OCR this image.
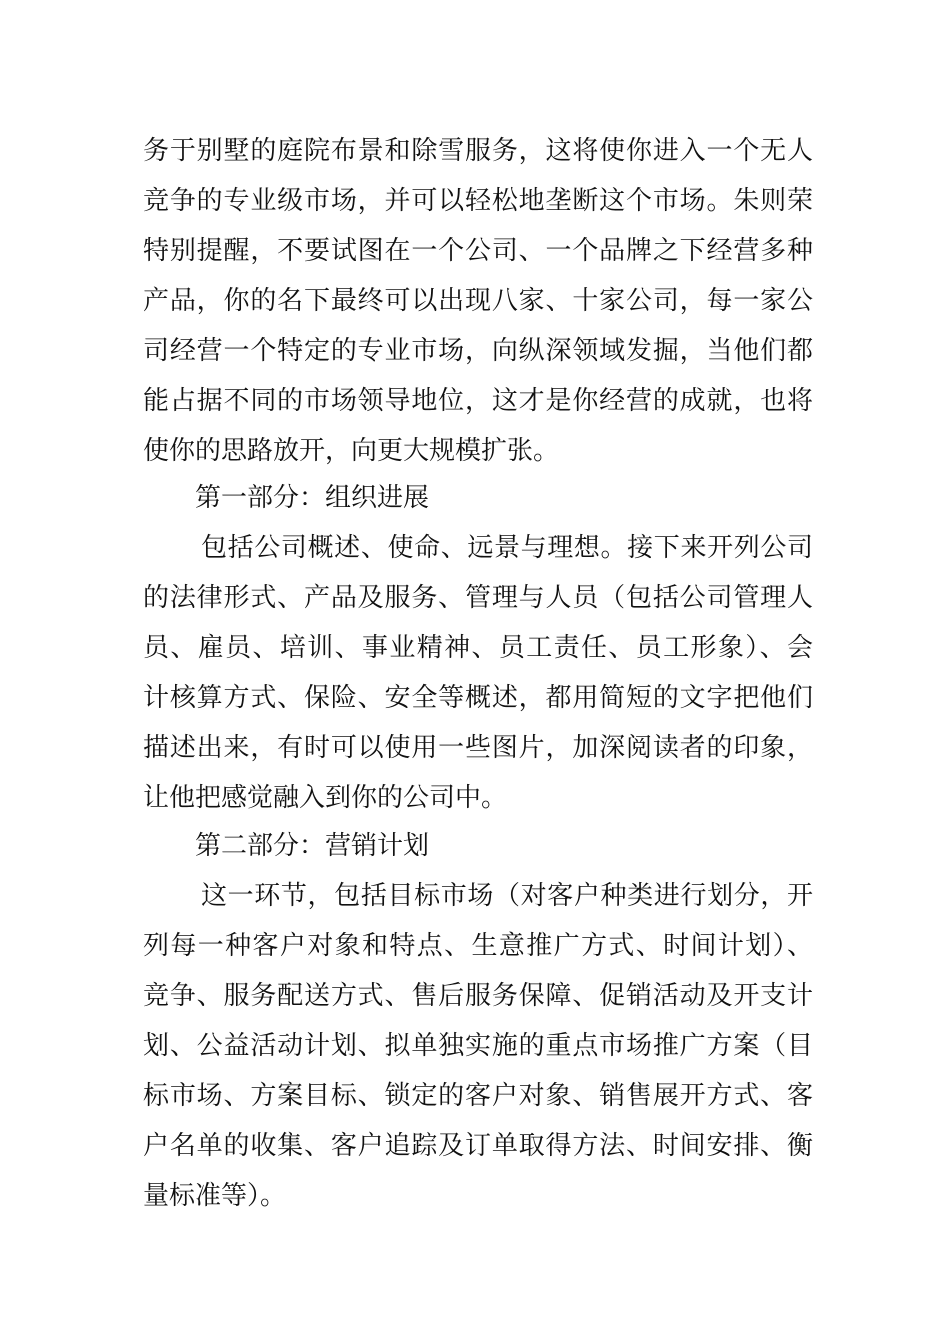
务于别墅的庭院布景和除雪服务，这将使你进入一个无人
竞争的专业级市场，并可以轻松地垄断这个市场。朱则荣
特别提醒，不要试图在一个公司、一个品牌之下经营多种
产品，你的名下最终可以出现八家、十家公司，每一家公
司经营一个特定的专业市场，向纵深领域发掘，当他们都
能占据不同的市场领导地位，这才是你经营的成就，也将
使你的思路放开，向更大规模扩张。
第一部分：组织进展
包括公司概述、使命、远景与理想。接下来开列公司
的法律形式、产品及服务、管理与人员（包括公司管理人
员、雇员、培训、事业精神、员工责任、员工形象）、会
计核算方式、保险、安全等概述，都用简短的文字把他们
描述出来，有时可以使用一些图片，加深阅读者的印象，
让他把感觉融入到你的公司中。
第二部分：营销计划
这一环节，包括目标市场（对客户种类进行划分，开
列每一种客户对象和特点、生意推广方式、时间计划）、
竞争、服务配送方式、售后服务保障、促销活动及开支计
划、公益活动计划、拟单独实施的重点市场推广方案（目
标市场、方案目标、锁定的客户对象、销售展开方式、客
户名单的收集、客户追踪及订单取得方法、时间安排、衡
量标准等）。
